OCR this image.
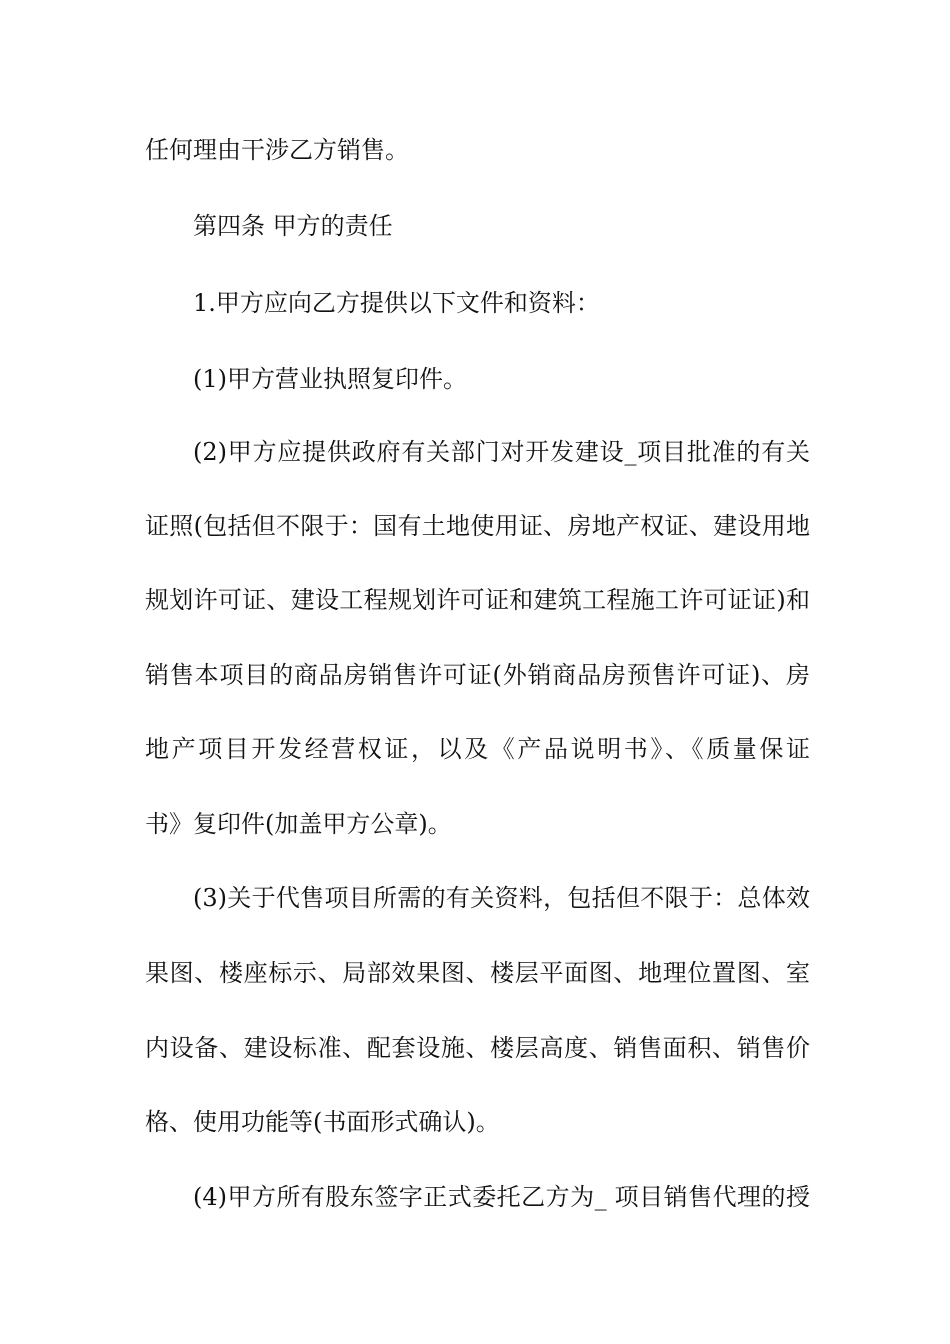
任何理由干涉乙方销售。
第四条 甲方的责任
1.甲方应向乙方提供以下文件和资料：
(1)甲方营业执照复印件。
(2)甲方应提供政府有关部门对开发建设_项目批准的有关
证照(包括但不限于：国有土地使用证、房地产权证、建设用地
规划许可证、建设工程规划许可证和建筑工程施工许可证证)和
销售本项目的商品房销售许可证(外销商品房预售许可证)、房
地产项目开发经营权证，以及《产品说明书》、《质量保证
书》复印件(加盖甲方公章)。
(3)关于代售项目所需的有关资料，包括但不限于：总体效
果图、楼座标示、局部效果图、楼层平面图、地理位置图、室
内设备、建设标准、配套设施、楼层高度、销售面积、销售价
格、使用功能等(书面形式确认)。
(4)甲方所有股东签字正式委托乙方为_ 项目销售代理的授
